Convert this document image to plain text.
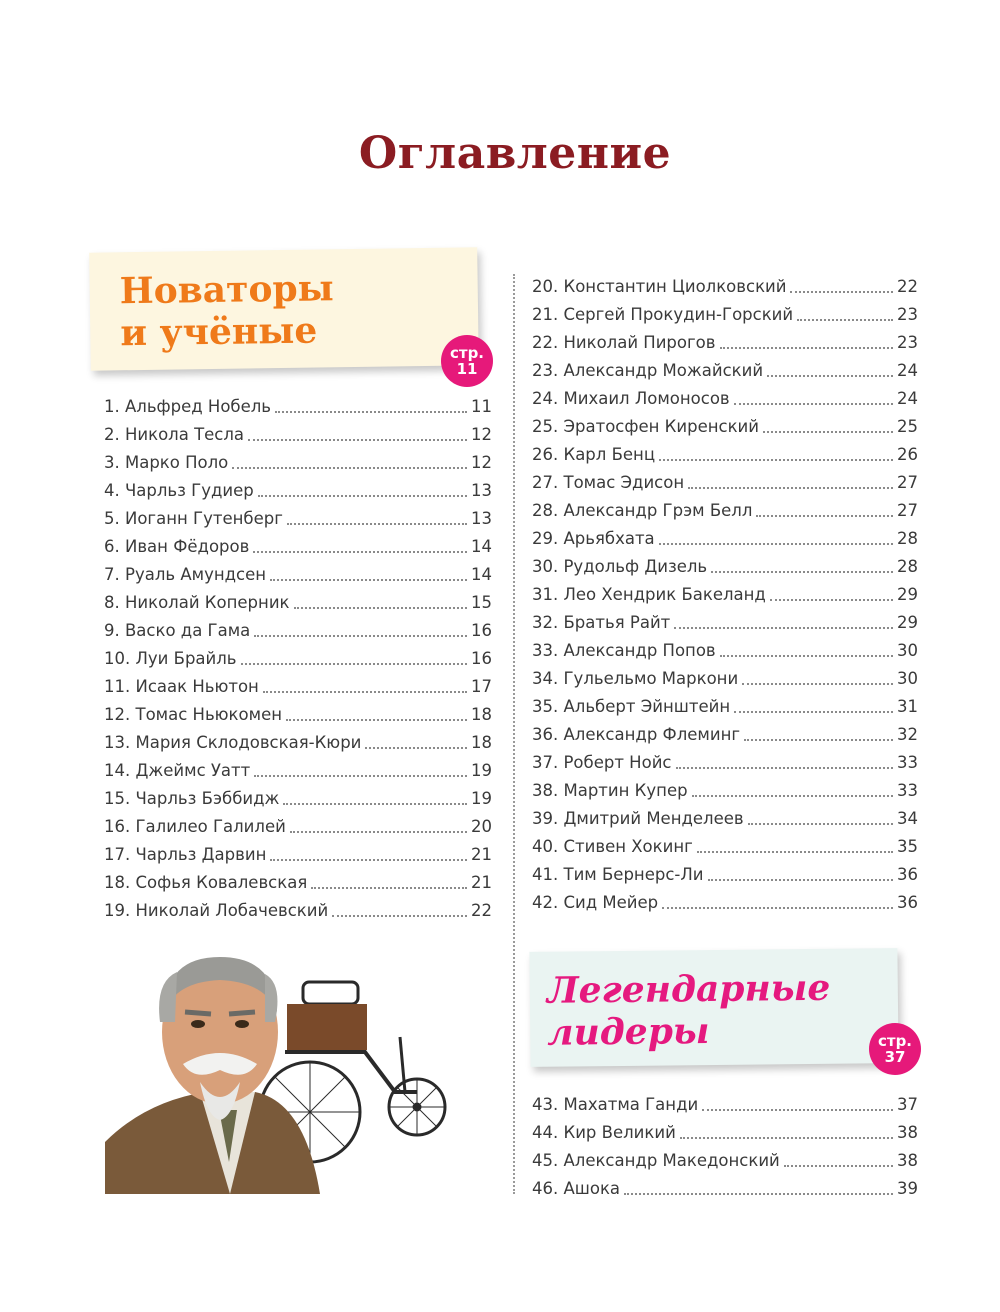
Оглавление
Новаторы
и учёные	стр.
11
1. Альфред Нобель	11
2. Никола Тесла	12
3. Марко Поло	12
4. Чарльз Гудиер	13
5. Иоганн Гутенберг	13
6. Иван Фёдоров	14
7. Руаль Амундсен	14
8. Николай Коперник	15
9. Васко да Гама	16
10. Луи Брайль	16
11. Исаак Ньютон	17
12. Томас Ньюкомен	18
13. Мария Склодовская-Кюри	18
14. Джеймс Уатт	19
15. Чарльз Бэббидж	19
16. Галилео Галилей	20
17. Чарльз Дарвин	21
18. Софья Ковалевская	21
19. Николай Лобачевский	22
20. Константин Циолковский	22
21. Сергей Прокудин-Горский	23
22. Николай Пирогов	23
23. Александр Можайский	24
24. Михаил Ломоносов	24
25. Эратосфен Киренский	25
26. Карл Бенц	26
27. Томас Эдисон	27
28. Александр Грэм Белл	27
29. Арьябхата	28
30. Рудольф Дизель	28
31. Лео Хендрик Бакеланд	29
32. Братья Райт	29
33. Александр Попов	30
34. Гульельмо Маркони	30
35. Альберт Эйнштейн	31
36. Александр Флеминг	32
37. Роберт Нойс	33
38. Мартин Купер	33
39. Дмитрий Менделеев	34
40. Стивен Хокинг	35
41. Тим Бернерс-Ли	36
42. Сид Мейер	36
Легендарные
лидеры	стр.
37
43. Махатма Ганди	37
44. Кир Великий	38
45. Александр Македонский	38
46. Ашока	39
